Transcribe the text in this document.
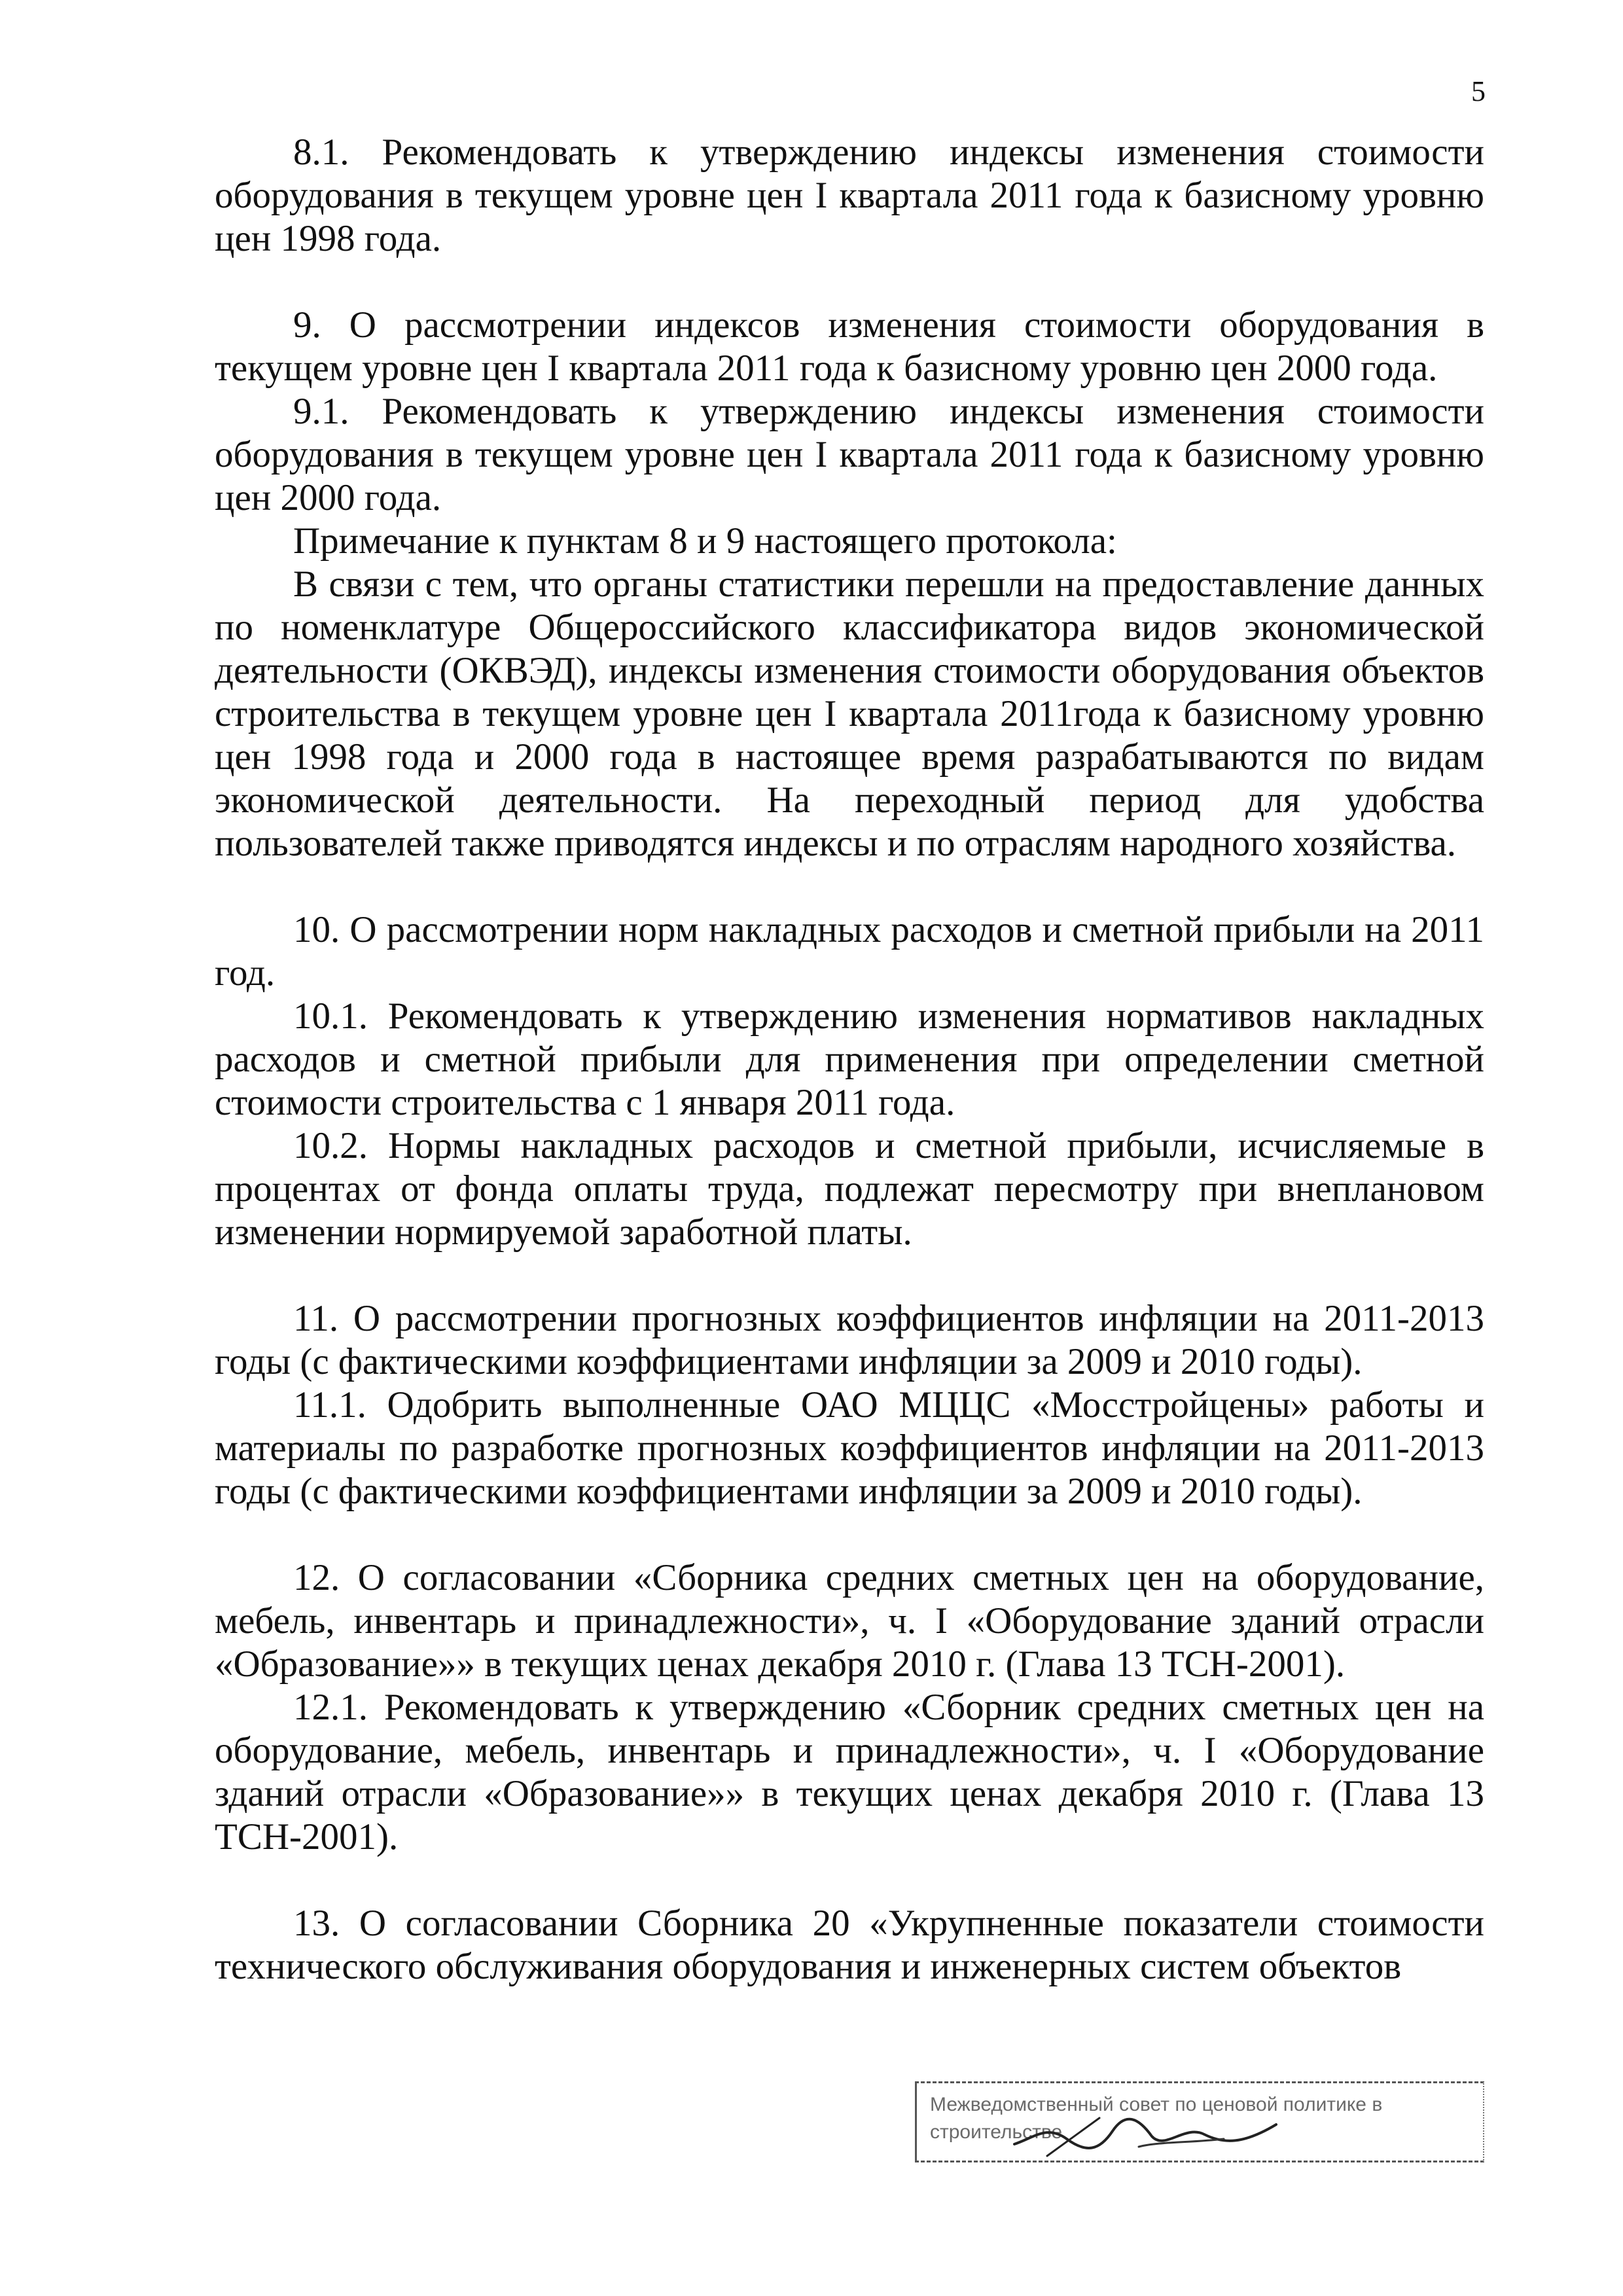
5

8.1. Рекомендовать к утверждению индексы изменения стоимости оборудования в текущем уровне цен I квартала 2011 года к базисному уровню цен 1998 года.

9. О рассмотрении индексов изменения стоимости оборудования в текущем уровне цен I квартала 2011 года к базисному уровню цен 2000 года.

9.1. Рекомендовать к утверждению индексы изменения стоимости оборудования в текущем уровне цен I квартала 2011 года к базисному уровню цен 2000 года.

Примечание к пунктам 8 и 9 настоящего протокола:

В связи с тем, что органы статистики перешли на предоставление данных по номенклатуре Общероссийского классификатора видов экономической деятельности (ОКВЭД), индексы изменения стоимости оборудования объектов строительства в текущем уровне цен I квартала 2011года к базисному уровню цен 1998 года и 2000 года в настоящее время разрабатываются по видам экономической деятельности. На переходный период для удобства пользователей также приводятся индексы и по отраслям народного хозяйства.

10. О рассмотрении норм накладных расходов и сметной прибыли на 2011 год.

10.1. Рекомендовать к утверждению изменения нормативов накладных расходов и сметной прибыли для применения при определении сметной стоимости строительства с 1 января 2011 года.

10.2. Нормы накладных расходов и сметной прибыли, исчисляемые в процентах от фонда оплаты труда, подлежат пересмотру при внеплановом изменении нормируемой заработной платы.

11. О рассмотрении прогнозных коэффициентов инфляции на 2011-2013 годы (с фактическими коэффициентами инфляции за 2009 и 2010 годы).

11.1. Одобрить выполненные ОАО МЦЦС «Мосстройцены» работы и материалы по разработке прогнозных коэффициентов инфляции на 2011-2013 годы (с фактическими коэффициентами инфляции за 2009 и 2010 годы).

12. О согласовании «Сборника средних сметных цен на оборудование, мебель, инвентарь и принадлежности», ч. I «Оборудование зданий отрасли «Образование»» в текущих ценах декабря 2010 г. (Глава 13 ТСН-2001).

12.1. Рекомендовать к утверждению «Сборник средних сметных цен на оборудование, мебель, инвентарь и принадлежности», ч. I «Оборудование зданий отрасли «Образование»» в текущих ценах декабря 2010 г. (Глава 13 ТСН-2001).

13. О согласовании Сборника 20 «Укрупненные показатели стоимости технического обслуживания оборудования и инженерных систем объектов

Межведомственный совет по ценовой политике в
строительстве
